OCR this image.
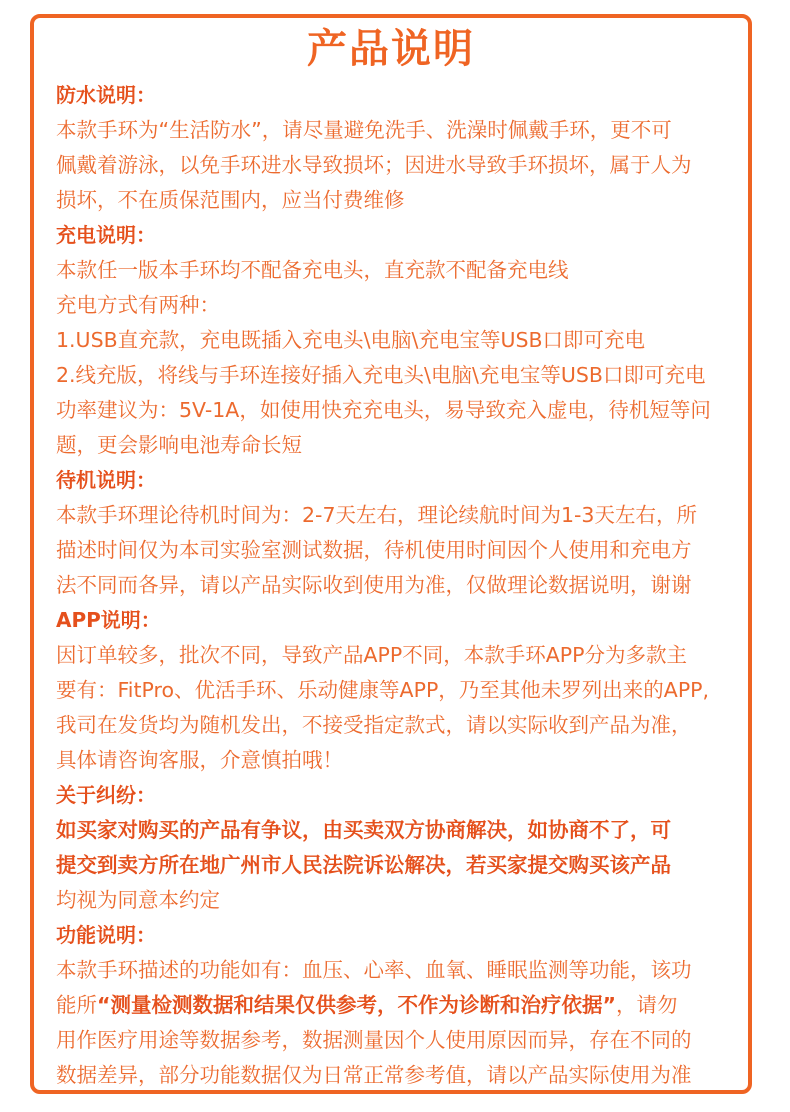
产品说明
防水说明：
本款手环为“生活防水”，请尽量避免洗手、洗澡时佩戴手环，更不可
佩戴着游泳，以免手环进水导致损坏；因进水导致手环损坏，属于人为
损坏，不在质保范围内，应当付费维修
充电说明：
本款任一版本手环均不配备充电头，直充款不配备充电线
充电方式有两种：
1.USB直充款，充电既插入充电头\电脑\充电宝等USB口即可充电
2.线充版，将线与手环连接好插入充电头\电脑\充电宝等USB口即可充电
功率建议为：5V-1A，如使用快充充电头，易导致充入虚电，待机短等问
题，更会影响电池寿命长短
待机说明：
本款手环理论待机时间为：2-7天左右，理论续航时间为1-3天左右，所
描述时间仅为本司实验室测试数据，待机使用时间因个人使用和充电方
法不同而各异，请以产品实际收到使用为准，仅做理论数据说明，谢谢
APP说明：
因订单较多，批次不同，导致产品APP不同，本款手环APP分为多款主
要有：FitPro、优活手环、乐动健康等APP，乃至其他未罗列出来的APP,
我司在发货均为随机发出，不接受指定款式，请以实际收到产品为准，
具体请咨询客服，介意慎拍哦！
关于纠纷：
如买家对购买的产品有争议，由买卖双方协商解决，如协商不了，可
提交到卖方所在地广州市人民法院诉讼解决，若买家提交购买该产品
均视为同意本约定
功能说明：
本款手环描述的功能如有：血压、心率、血氧、睡眠监测等功能，该功
能所“测量检测数据和结果仅供参考，不作为诊断和治疗依据”，请勿
用作医疗用途等数据参考，数据测量因个人使用原因而异，存在不同的
数据差异，部分功能数据仅为日常正常参考值，请以产品实际使用为准
